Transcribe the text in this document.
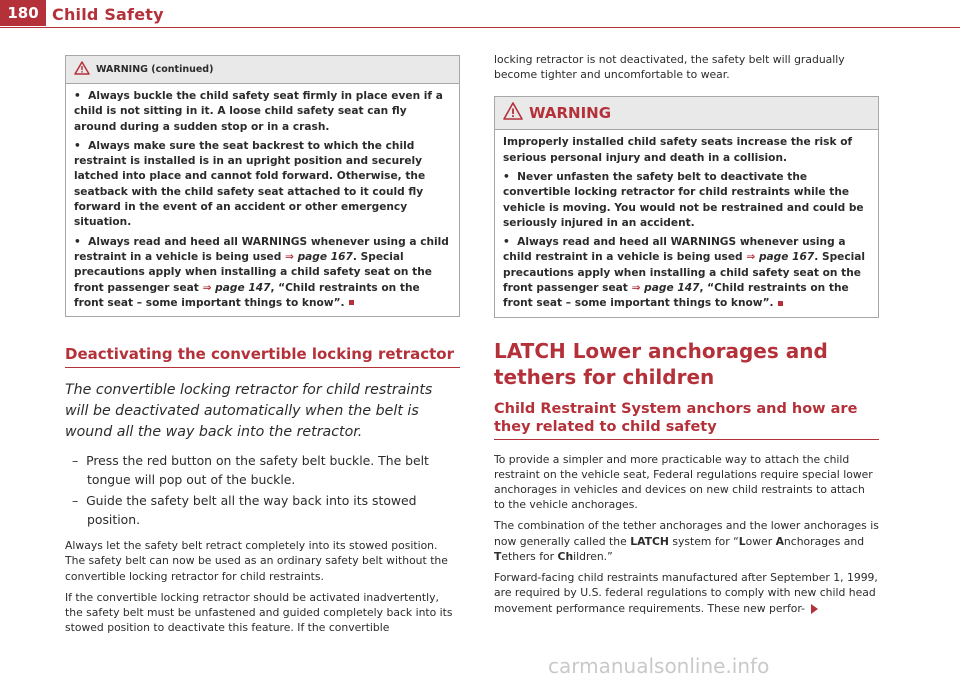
180 Child Safety
WARNING (continued)

•  Always buckle the child safety seat firmly in place even if a child is not sitting in it. A loose child safety seat can fly around during a sudden stop or in a crash.

•  Always make sure the seat backrest to which the child restraint is installed is in an upright position and securely latched into place and cannot fold forward. Otherwise, the seatback with the child safety seat attached to it could fly forward in the event of an accident or other emergency situation.

•  Always read and heed all WARNINGS whenever using a child restraint in a vehicle is being used ⇒ page 167. Special precautions apply when installing a child safety seat on the front passenger seat ⇒ page 147, “Child restraints on the front seat – some important things to know”.

Deactivating the convertible locking retractor

The convertible locking retractor for child restraints will be deactivated automatically when the belt is wound all the way back into the retractor.

–  Press the red button on the safety belt buckle. The belt tongue will pop out of the buckle.
–  Guide the safety belt all the way back into its stowed position.

Always let the safety belt retract completely into its stowed position. The safety belt can now be used as an ordinary safety belt without the convertible locking retractor for child restraints.

If the convertible locking retractor should be activated inadvertently, the safety belt must be unfastened and guided completely back into its stowed position to deactivate this feature. If the convertible

locking retractor is not deactivated, the safety belt will gradually become tighter and uncomfortable to wear.

WARNING

Improperly installed child safety seats increase the risk of serious personal injury and death in a collision.

•  Never unfasten the safety belt to deactivate the convertible locking retractor for child restraints while the vehicle is moving. You would not be restrained and could be seriously injured in an accident.

•  Always read and heed all WARNINGS whenever using a child restraint in a vehicle is being used ⇒ page 167. Special precautions apply when installing a child safety seat on the front passenger seat ⇒ page 147, “Child restraints on the front seat – some important things to know”.

LATCH Lower anchorages and tethers for children
Child Restraint System anchors and how are they related to child safety

To provide a simpler and more practicable way to attach the child restraint on the vehicle seat, Federal regulations require special lower anchorages in vehicles and devices on new child restraints to attach to the vehicle anchorages.

The combination of the tether anchorages and the lower anchorages is now generally called the LATCH system for “Lower Anchorages and Tethers for Children.”

Forward-facing child restraints manufactured after September 1, 1999, are required by U.S. federal regulations to comply with new child head movement performance requirements. These new perfor-

carmanualsonline.info
